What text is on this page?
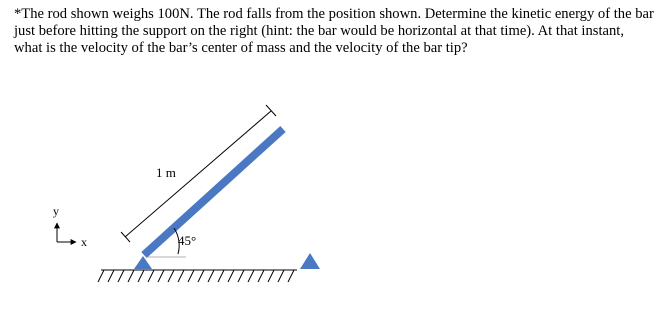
*The rod shown weighs 100N. The rod falls from the position shown. Determine the kinetic energy of the bar just before hitting the support on the right (hint: the bar would be horizontal at that time). At that instant, what is the velocity of the bar’s center of mass and the velocity of the bar tip?

y
x
1 m
45°
